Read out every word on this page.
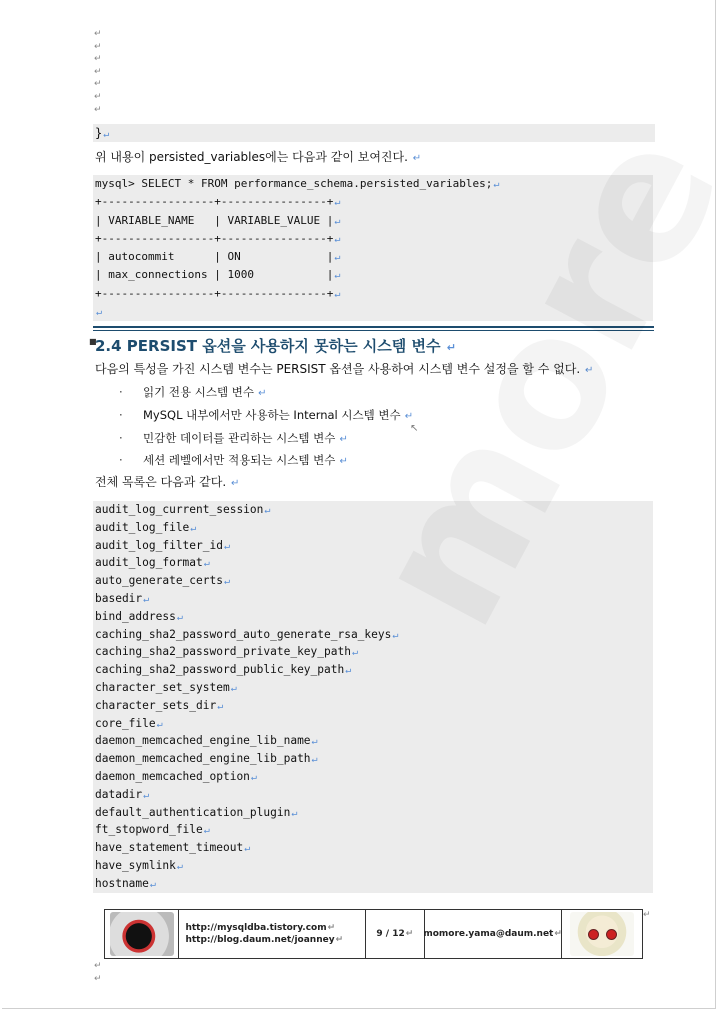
↵
↵
↵
↵
↵
↵
↵
}↵
위 내용이 persisted_variables에는 다음과 같이 보여진다. ↵
mysql> SELECT * FROM performance_schema.persisted_variables;↵
+-----------------+----------------+↵
| VARIABLE_NAME   | VARIABLE_VALUE |↵
+-----------------+----------------+↵
| autocommit      | ON             |↵
| max_connections | 1000           |↵
+-----------------+----------------+↵
↵
■
2.4 PERSIST 옵션을 사용하지 못하는 시스템 변수 ↵
다음의 특성을 가진 시스템 변수는 PERSIST 옵션을 사용하여 시스템 변수 설정을 할 수 없다. ↵
· 읽기 전용 시스템 변수 ↵
· MySQL 내부에서만 사용하는 Internal 시스템 변수 ↵
· 민감한 데이터를 관리하는 시스템 변수 ↵
· 세션 레벨에서만 적용되는 시스템 변수 ↵
↖
전체 목록은 다음과 같다. ↵
audit_log_current_session↵
audit_log_file↵
audit_log_filter_id↵
audit_log_format↵
auto_generate_certs↵
basedir↵
bind_address↵
caching_sha2_password_auto_generate_rsa_keys↵
caching_sha2_password_private_key_path↵
caching_sha2_password_public_key_path↵
character_set_system↵
character_sets_dir↵
core_file↵
daemon_memcached_engine_lib_name↵
daemon_memcached_engine_lib_path↵
daemon_memcached_option↵
datadir↵
default_authentication_plugin↵
ft_stopword_file↵
have_statement_timeout↵
have_symlink↵
hostname↵
http://mysqldba.tistory.com↵
http://blog.daum.net/joanney↵
9 / 12 ↵ momore.yama@daum.net ↵
↵
↵
↵
